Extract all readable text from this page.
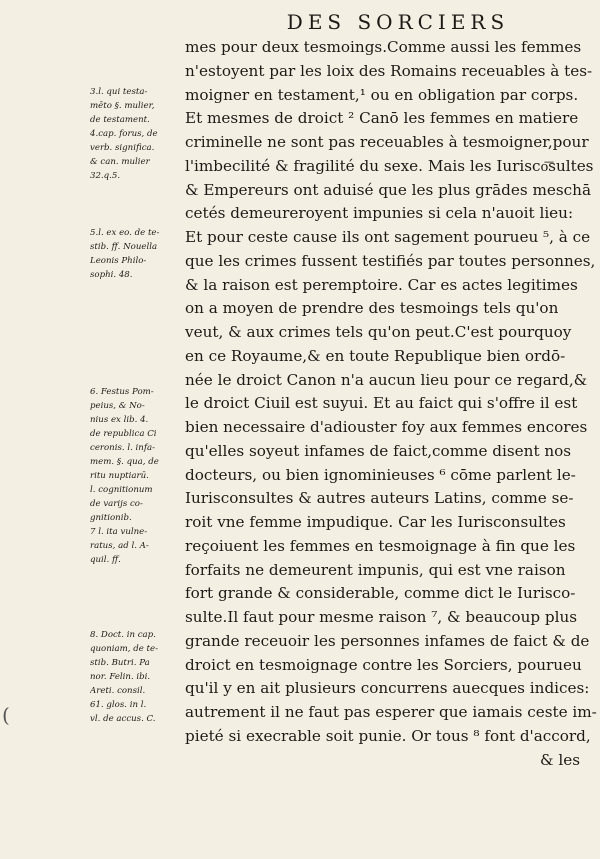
DES SORCIERS
3.l. qui testa-
mēto §. mulier,
de testament.
4.cap. forus, de
verb. significa.
& can. mulier
32.q.5.
5.l. ex eo. de te-
stib. ff. Nouella
Leonis Philo-
sophi. 48.
6. Festus Pom-
peius, & No-
nius ex lib. 4.
de republica Ci
ceronis. l. infa-
mem. §. qua, de
ritu nuptiarū.
l. cognitionum
de varijs co-
gnitionib.
7 l. ita vulne-
ratus, ad l. A-
quil. ff.
8. Doct. in cap.
quoniam, de te-
stib. Butri. Pa
nor. Felin. ibi.
Areti. consil.
61. glos. in l.
vl. de accus. C.
mes pour deux tesmoings.Comme aussi les femmes
n'estoyent par les loix des Romains receuables à tes-
moigner en testament,¹ ou en obligation par corps.
Et mesmes de droict ² Canō les femmes en matiere
criminelle ne sont pas receuables à tesmoigner,pour
l'imbecilité & fragilité du sexe. Mais les Iurisco͞sultes
& Empereurs ont aduisé que les plus grādes meschā
cetés demeureroyent impunies si cela n'auoit lieu:
Et pour ceste cause ils ont sagement pourueu ⁵, à ce
que les crimes fussent testifiés par toutes personnes,
& la raison est peremptoire. Car es actes legitimes
on a moyen de prendre des tesmoings tels qu'on
veut, & aux crimes tels qu'on peut.C'est pourquoy
en ce Royaume,& en toute Republique bien ordō-
née le droict Canon n'a aucun lieu pour ce regard,&
le droict Ciuil est suyui. Et au faict qui s'offre il est
bien necessaire d'adiouster foy aux femmes encores
qu'elles soyeut infames de faict,comme disent nos
docteurs, ou bien ignominieuses ⁶ cōme parlent le-
Iurisconsultes & autres auteurs Latins, comme se-
roit vne femme impudique. Car les Iurisconsultes
reçoiuent les femmes en tesmoignage à fin que les
forfaits ne demeurent impunis, qui est vne raison
fort grande & considerable, comme dict le Iurisco-
sulte.Il faut pour mesme raison ⁷, & beaucoup plus
grande receuoir les personnes infames de faict & de
droict en tesmoignage contre les Sorciers, pourueu
qu'il y en ait plusieurs concurrens auecques indices:
autrement il ne faut pas esperer que iamais ceste im-
pieté si execrable soit punie. Or tous ⁸ font d'accord,
& les
(
